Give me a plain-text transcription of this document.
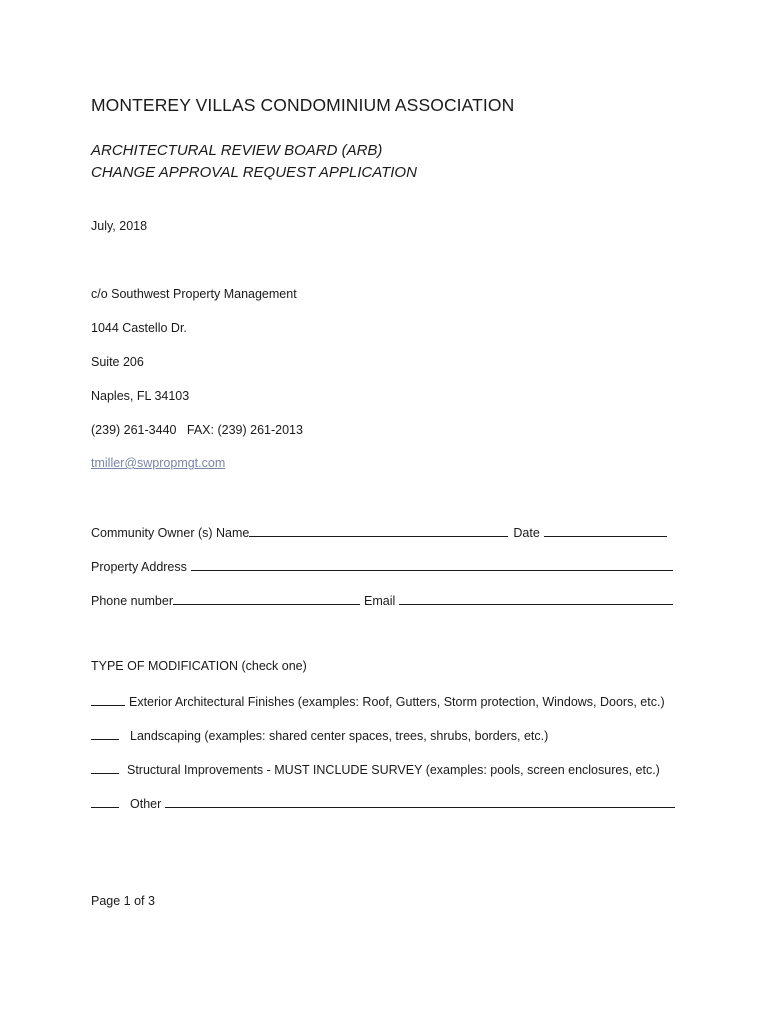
MONTEREY VILLAS CONDOMINIUM ASSOCIATION
ARCHITECTURAL REVIEW BOARD (ARB)
CHANGE APPROVAL REQUEST APPLICATION
July, 2018
c/o Southwest Property Management
1044 Castello Dr.
Suite 206
Naples, FL 34103
(239) 261-3440   FAX: (239) 261-2013
tmiller@swpropmgt.com
Community Owner (s) Name	Date
Property Address
Phone number	Email
TYPE OF MODIFICATION (check one)
Exterior Architectural Finishes (examples: Roof, Gutters, Storm protection, Windows, Doors, etc.)
Landscaping (examples: shared center spaces, trees, shrubs, borders, etc.)
Structural Improvements - MUST INCLUDE SURVEY (examples: pools, screen enclosures, etc.)
Other
Page 1 of 3
